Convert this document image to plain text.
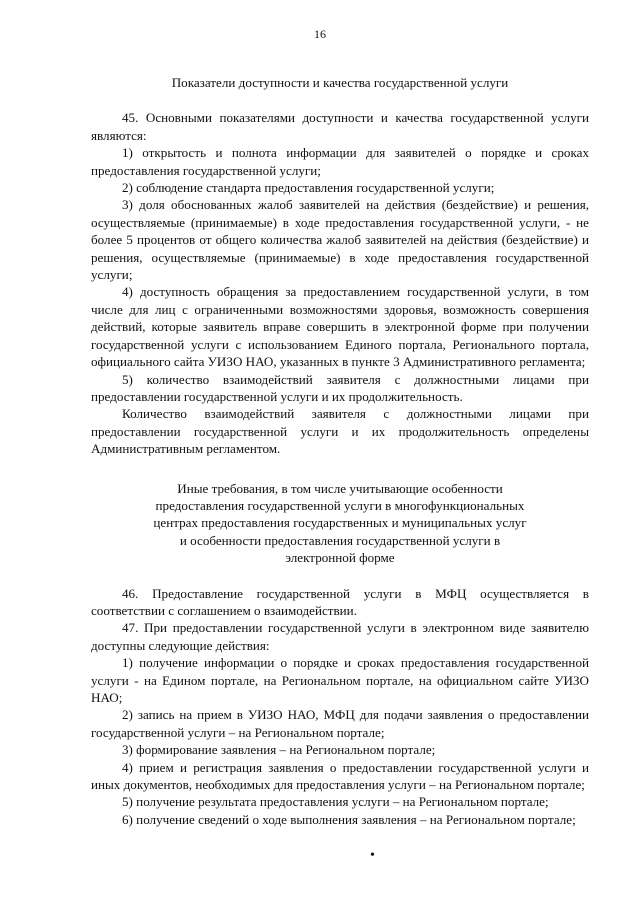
16
Показатели доступности и качества государственной услуги

45. Основными показателями доступности и качества государственной услуги являются:

1) открытость и полнота информации для заявителей о порядке и сроках предоставления государственной услуги;

2) соблюдение стандарта предоставления государственной услуги;

3) доля обоснованных жалоб заявителей на действия (бездействие) и решения, осуществляемые (принимаемые) в ходе предоставления государственной услуги, - не более 5 процентов от общего количества жалоб заявителей на действия (бездействие) и решения, осуществляемые (принимаемые) в ходе предоставления государственной услуги;

4) доступность обращения за предоставлением государственной услуги, в том числе для лиц с ограниченными возможностями здоровья, возможность совершения действий, которые заявитель вправе совершить в электронной форме при получении государственной услуги с использованием Единого портала, Регионального портала, официального сайта УИЗО НАО, указанных в пункте 3 Административного регламента;

5) количество взаимодействий заявителя с должностными лицами при предоставлении государственной услуги и их продолжительность.

Количество взаимодействий заявителя с должностными лицами при предоставлении государственной услуги и их продолжительность определены Административным регламентом.

Иные требования, в том числе учитывающие особенности
предоставления государственной услуги в многофункциональных
центрах предоставления государственных и муниципальных услуг
и особенности предоставления государственной услуги в
электронной форме

46. Предоставление государственной услуги в МФЦ осуществляется в соответствии с соглашением о взаимодействии.

47. При предоставлении государственной услуги в электронном виде заявителю доступны следующие действия:

1) получение информации о порядке и сроках предоставления государственной услуги - на Едином портале, на Региональном портале, на официальном сайте УИЗО НАО;

2) запись на прием в УИЗО НАО, МФЦ для подачи заявления о предоставлении государственной услуги – на Региональном портале;

3) формирование заявления – на Региональном портале;

4) прием и регистрация заявления о предоставлении государственной услуги и иных документов, необходимых для предоставления услуги – на Региональном портале;

5) получение результата предоставления услуги – на Региональном портале;

6) получение сведений о ходе выполнения заявления – на Региональном портале;

•
